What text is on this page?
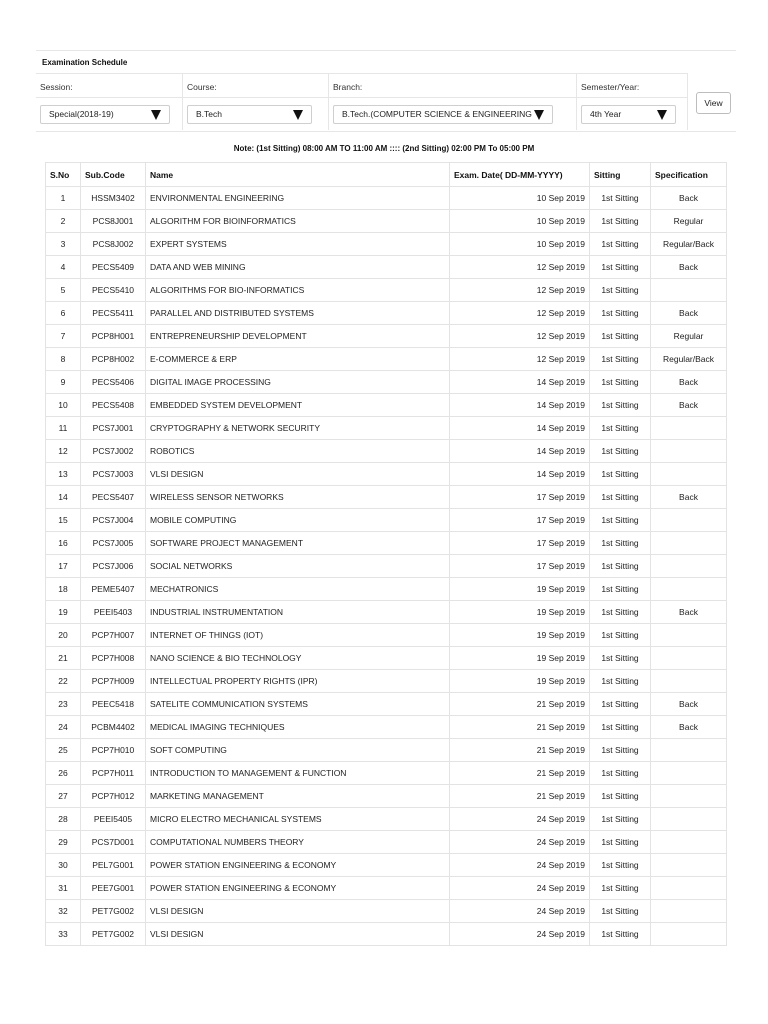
Examination Schedule
Session:	Course:	Branch:	Semester/Year:
Special(2018-19)	B.Tech	B.Tech.(COMPUTER SCIENCE & ENGINEERING	4th Year
View
Note: (1st Sitting) 08:00 AM TO 11:00 AM :::: (2nd Sitting) 02:00 PM To 05:00 PM
S.No	Sub.Code	Name	Exam. Date( DD-MM-YYYY)	Sitting	Specification
1	HSSM3402	ENVIRONMENTAL ENGINEERING	10 Sep 2019	1st Sitting	Back
2	PCS8J001	ALGORITHM FOR BIOINFORMATICS	10 Sep 2019	1st Sitting	Regular
3	PCS8J002	EXPERT SYSTEMS	10 Sep 2019	1st Sitting	Regular/Back
4	PECS5409	DATA AND WEB MINING	12 Sep 2019	1st Sitting	Back
5	PECS5410	ALGORITHMS FOR BIO-INFORMATICS	12 Sep 2019	1st Sitting	
6	PECS5411	PARALLEL AND DISTRIBUTED SYSTEMS	12 Sep 2019	1st Sitting	Back
7	PCP8H001	ENTREPRENEURSHIP DEVELOPMENT	12 Sep 2019	1st Sitting	Regular
8	PCP8H002	E-COMMERCE & ERP	12 Sep 2019	1st Sitting	Regular/Back
9	PECS5406	DIGITAL IMAGE PROCESSING	14 Sep 2019	1st Sitting	Back
10	PECS5408	EMBEDDED SYSTEM DEVELOPMENT	14 Sep 2019	1st Sitting	Back
11	PCS7J001	CRYPTOGRAPHY & NETWORK SECURITY	14 Sep 2019	1st Sitting	
12	PCS7J002	ROBOTICS	14 Sep 2019	1st Sitting	
13	PCS7J003	VLSI DESIGN	14 Sep 2019	1st Sitting	
14	PECS5407	WIRELESS SENSOR NETWORKS	17 Sep 2019	1st Sitting	Back
15	PCS7J004	MOBILE COMPUTING	17 Sep 2019	1st Sitting	
16	PCS7J005	SOFTWARE PROJECT MANAGEMENT	17 Sep 2019	1st Sitting	
17	PCS7J006	SOCIAL NETWORKS	17 Sep 2019	1st Sitting	
18	PEME5407	MECHATRONICS	19 Sep 2019	1st Sitting	
19	PEEI5403	INDUSTRIAL INSTRUMENTATION	19 Sep 2019	1st Sitting	Back
20	PCP7H007	INTERNET OF THINGS (IOT)	19 Sep 2019	1st Sitting	
21	PCP7H008	NANO SCIENCE & BIO TECHNOLOGY	19 Sep 2019	1st Sitting	
22	PCP7H009	INTELLECTUAL PROPERTY RIGHTS (IPR)	19 Sep 2019	1st Sitting	
23	PEEC5418	SATELITE COMMUNICATION SYSTEMS	21 Sep 2019	1st Sitting	Back
24	PCBM4402	MEDICAL IMAGING TECHNIQUES	21 Sep 2019	1st Sitting	Back
25	PCP7H010	SOFT COMPUTING	21 Sep 2019	1st Sitting	
26	PCP7H011	INTRODUCTION TO MANAGEMENT & FUNCTION	21 Sep 2019	1st Sitting	
27	PCP7H012	MARKETING MANAGEMENT	21 Sep 2019	1st Sitting	
28	PEEI5405	MICRO ELECTRO MECHANICAL SYSTEMS	24 Sep 2019	1st Sitting	
29	PCS7D001	COMPUTATIONAL NUMBERS THEORY	24 Sep 2019	1st Sitting	
30	PEL7G001	POWER STATION ENGINEERING & ECONOMY	24 Sep 2019	1st Sitting	
31	PEE7G001	POWER STATION ENGINEERING & ECONOMY	24 Sep 2019	1st Sitting	
32	PET7G002	VLSI DESIGN	24 Sep 2019	1st Sitting	
33	PET7G002	VLSI DESIGN	24 Sep 2019	1st Sitting	
